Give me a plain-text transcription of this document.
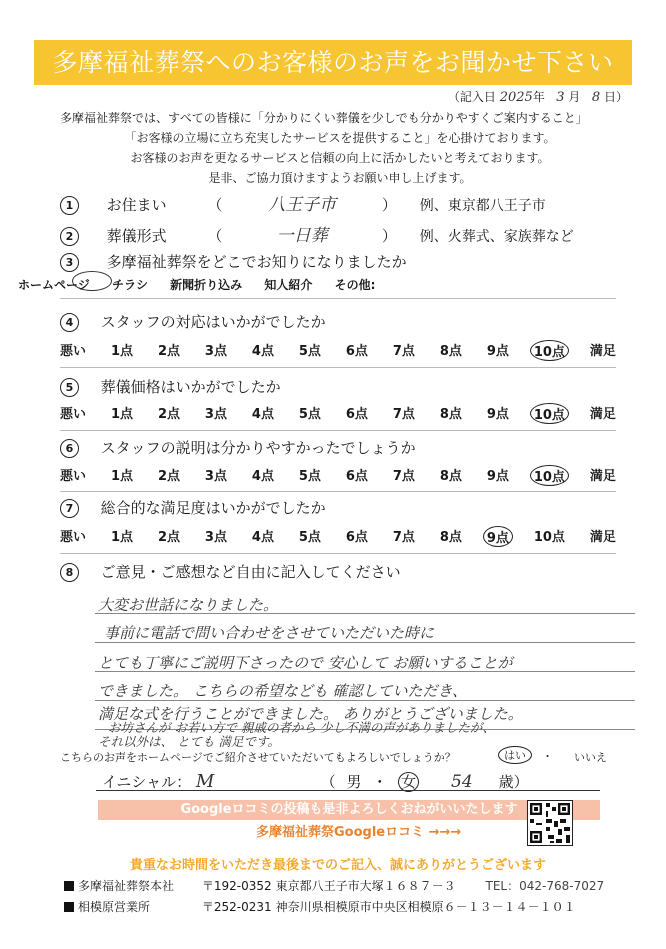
多摩福祉葬祭へのお客様のお声をお聞かせ下さい
（記入日 2025年 3 月 8 日）
多摩福祉葬祭では、すべての皆様に「分かりにくい葬儀を少しでも分かりやすくご案内すること」
「お客様の立場に立ち充実したサービスを提供すること」を心掛けております。
お客様のお声を更なるサービスと信頼の向上に活かしたいと考えております。
是非、ご協力頂けますようお願い申し上げます。
1 お住まい	（	八王子市	） 例、東京都八王子市
2 葬儀形式	（	一日葬	） 例、火葬式、家族葬など
3 多摩福祉葬祭をどこでお知りになりましたか
ホームページ チラシ 新聞折り込み 知人紹介 その他:
4 スタッフの対応はいかがでしたか
悪い 1点 2点 3点 4点 5点 6点 7点 8点 9点	10点	満足
5 葬儀価格はいかがでしたか
悪い 1点 2点 3点 4点 5点 6点 7点 8点 9点	10点	満足
6 スタッフの説明は分かりやすかったでしょうか
悪い 1点 2点 3点 4点 5点 6点 7点 8点 9点	10点	満足
7 総合的な満足度はいかがでしたか
悪い 1点 2点 3点 4点 5点 6点 7点 8点	9点	10点 満足
8 ご意見・ご感想など自由に記入してください
大変お世話になりました。
事前に電話で問い合わせをさせていただいた時に
とても丁寧にご説明下さったので 安心して お願いすることが
できました。 こちらの希望なども 確認していただき、
満足な式を行うことができました。 ありがとうございました。
お坊さんが お若い方で 親戚の者から 少し不満の声がありましたが、
それ以外は、 とても 満足です。
こちらのお声をホームページでご紹介させていただいてもよろしいでしょうか？	はい	・ いいえ
イニシャル： M	（ 男 ・ 女 54 歳）
Googleロコミの投稿も是非よろしくおねがいいたします
多摩福祉葬祭Googleロコミ →→→
貴重なお時間をいただき最後までのご記入、誠にありがとうございます
多摩福祉葬祭本社 〒192-0352 東京都八王子市大塚１６８７－３ TEL：042-768-7027
相模原営業所	〒252-0231 神奈川県相模原市中央区相模原６－１３－１４－１０１
